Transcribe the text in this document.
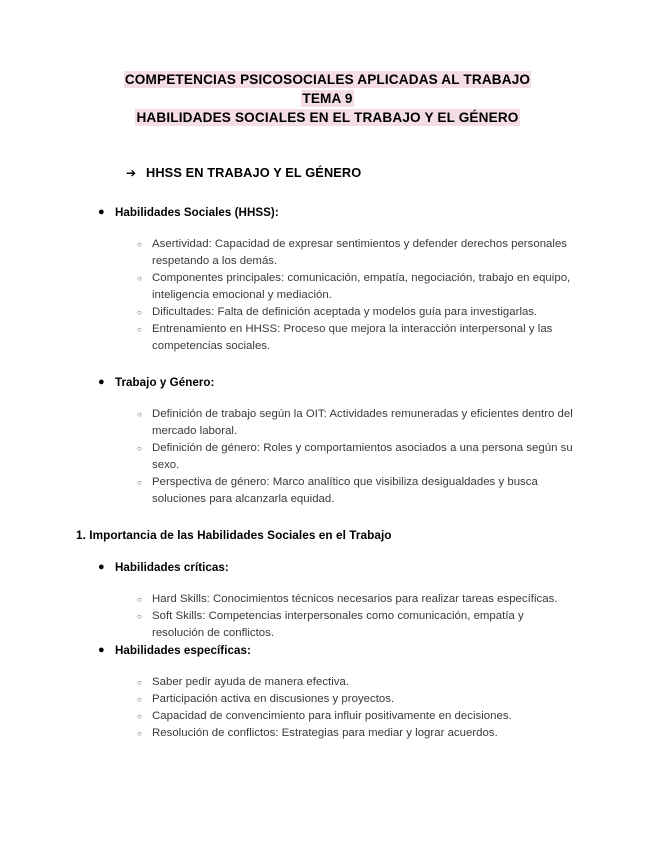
COMPETENCIAS PSICOSOCIALES APLICADAS AL TRABAJO
TEMA 9
HABILIDADES SOCIALES EN EL TRABAJO Y EL GÉNERO
➔ HHSS EN TRABAJO Y EL GÉNERO
● Habilidades Sociales (HHSS):
○ Asertividad: Capacidad de expresar sentimientos y defender derechos personales respetando a los demás.
○ Componentes principales: comunicación, empatía, negociación, trabajo en equipo, inteligencia emocional y mediación.
○ Dificultades: Falta de definición aceptada y modelos guía para investigarlas.
○ Entrenamiento en HHSS: Proceso que mejora la interacción interpersonal y las competencias sociales.
● Trabajo y Género:
○ Definición de trabajo según la OIT: Actividades remuneradas y eficientes dentro del mercado laboral.
○ Definición de género: Roles y comportamientos asociados a una persona según su sexo.
○ Perspectiva de género: Marco analítico que visibiliza desigualdades y busca soluciones para alcanzarla equidad.
1. Importancia de las Habilidades Sociales en el Trabajo
● Habilidades críticas:
○ Hard Skills: Conocimientos técnicos necesarios para realizar tareas específicas.
○ Soft Skills: Competencias interpersonales como comunicación, empatía y resolución de conflictos.
● Habilidades específicas:
○ Saber pedir ayuda de manera efectiva.
○ Participación activa en discusiones y proyectos.
○ Capacidad de convencimiento para influir positivamente en decisiones.
○ Resolución de conflictos: Estrategias para mediar y lograr acuerdos.
